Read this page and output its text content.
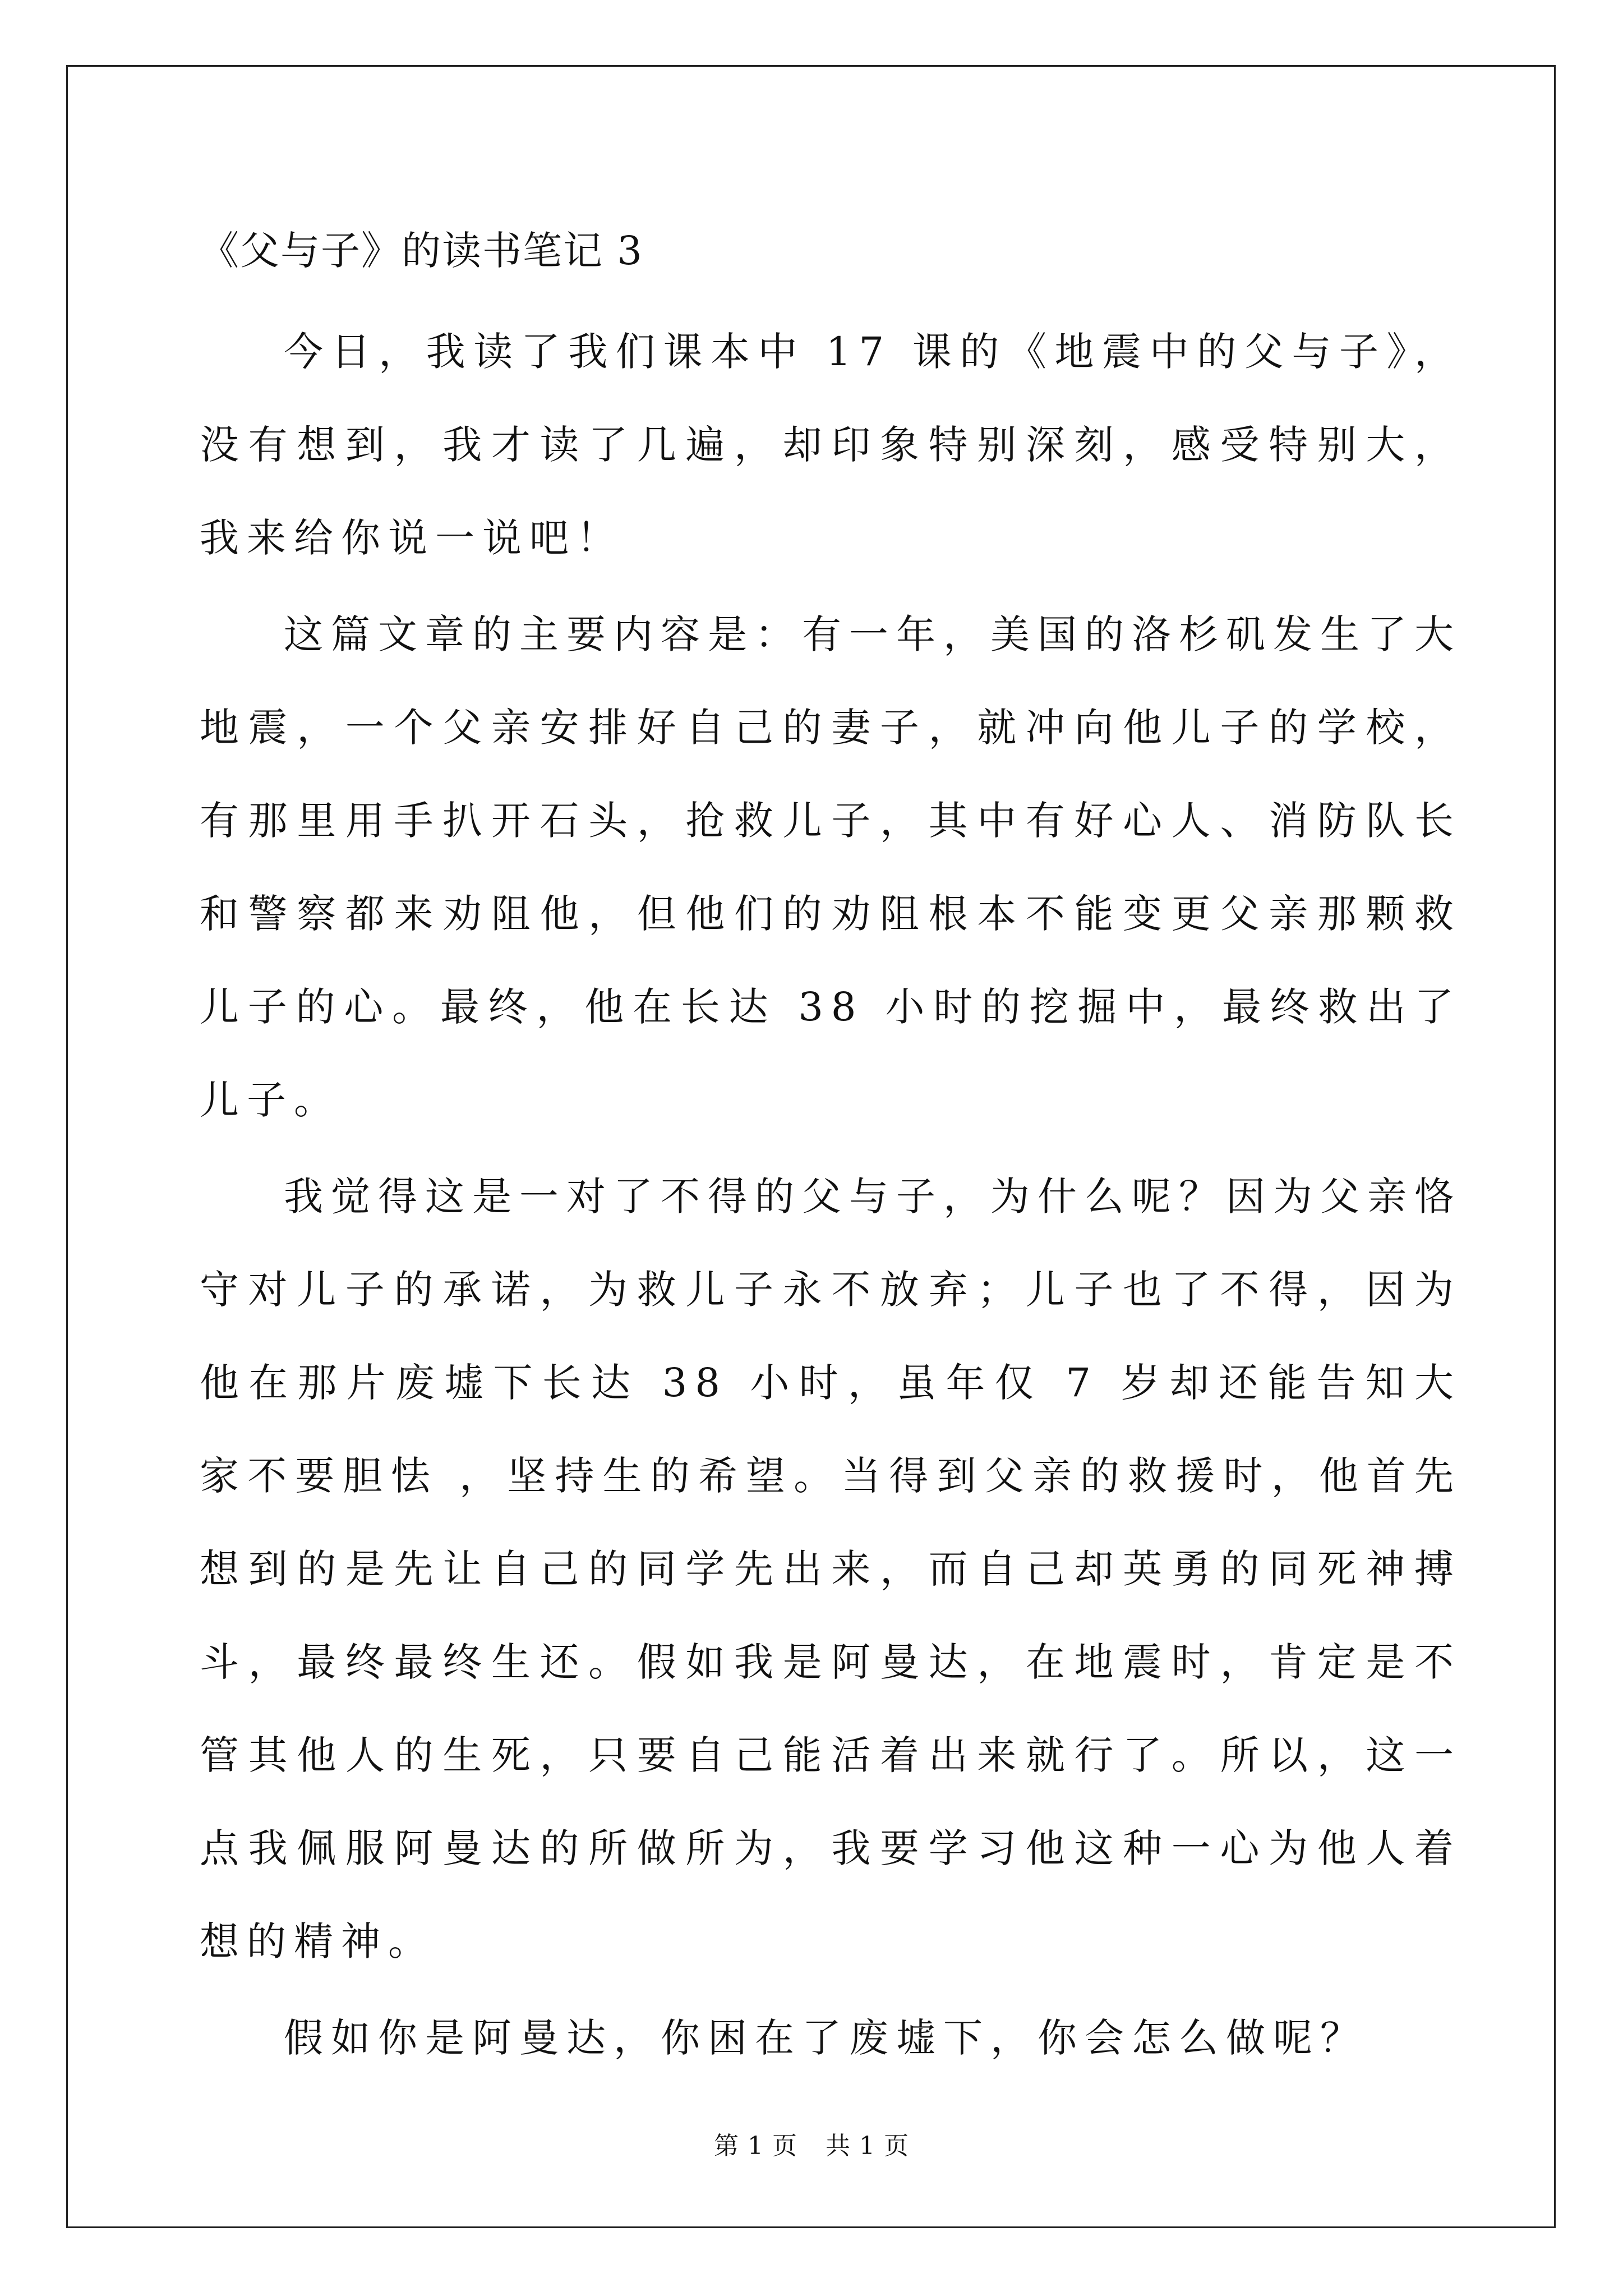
《父与子》的读书笔记 3

今日，我读了我们课本中 17 课的《地震中的父与子》，没有想到，我才读了几遍，却印象特别深刻，感受特别大，我来给你说一说吧！

这篇文章的主要内容是：有一年，美国的洛杉矶发生了大地震，一个父亲安排好自己的妻子，就冲向他儿子的学校，有那里用手扒开石头，抢救儿子，其中有好心人、消防队长和警察都来劝阻他，但他们的劝阻根本不能变更父亲那颗救儿子的心。最终，他在长达 38 小时的挖掘中，最终救出了儿子。

我觉得这是一对了不得的父与子，为什么呢？因为父亲恪守对儿子的承诺，为救儿子永不放弃；儿子也了不得，因为他在那片废墟下长达 38 小时，虽年仅 7 岁却还能告知大家不要胆怯 ，坚持生的希望。当得到父亲的救援时，他首先想到的是先让自己的同学先出来，而自己却英勇的同死神搏斗，最终最终生还。假如我是阿曼达，在地震时，肯定是不管其他人的生死，只要自己能活着出来就行了。所以，这一点我佩服阿曼达的所做所为，我要学习他这种一心为他人着想的精神。

假如你是阿曼达，你困在了废墟下，你会怎么做呢？

第 1 页 共 1 页
